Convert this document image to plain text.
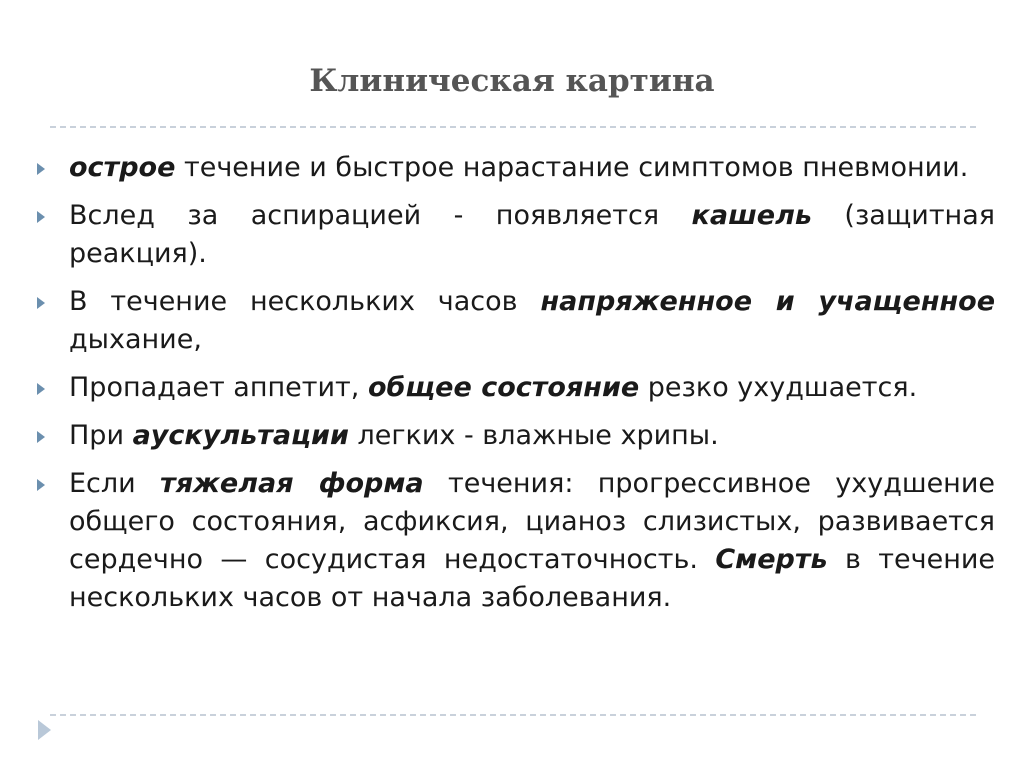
Клиническая картина
острое течение и быстрое нарастание симптомов пневмонии.
Вслед за аспирацией - появляется кашель (защитная реакция).
В течение нескольких часов напряженное и учащенное дыхание,
Пропадает аппетит, общее состояние резко ухудшается.
При аускультации легких - влажные хрипы.
Если тяжелая форма течения: прогрессивное ухудшение общего состояния, асфиксия, цианоз слизистых, развивается сердечно — сосудистая недостаточность. Смерть в течение нескольких часов от начала заболевания.
